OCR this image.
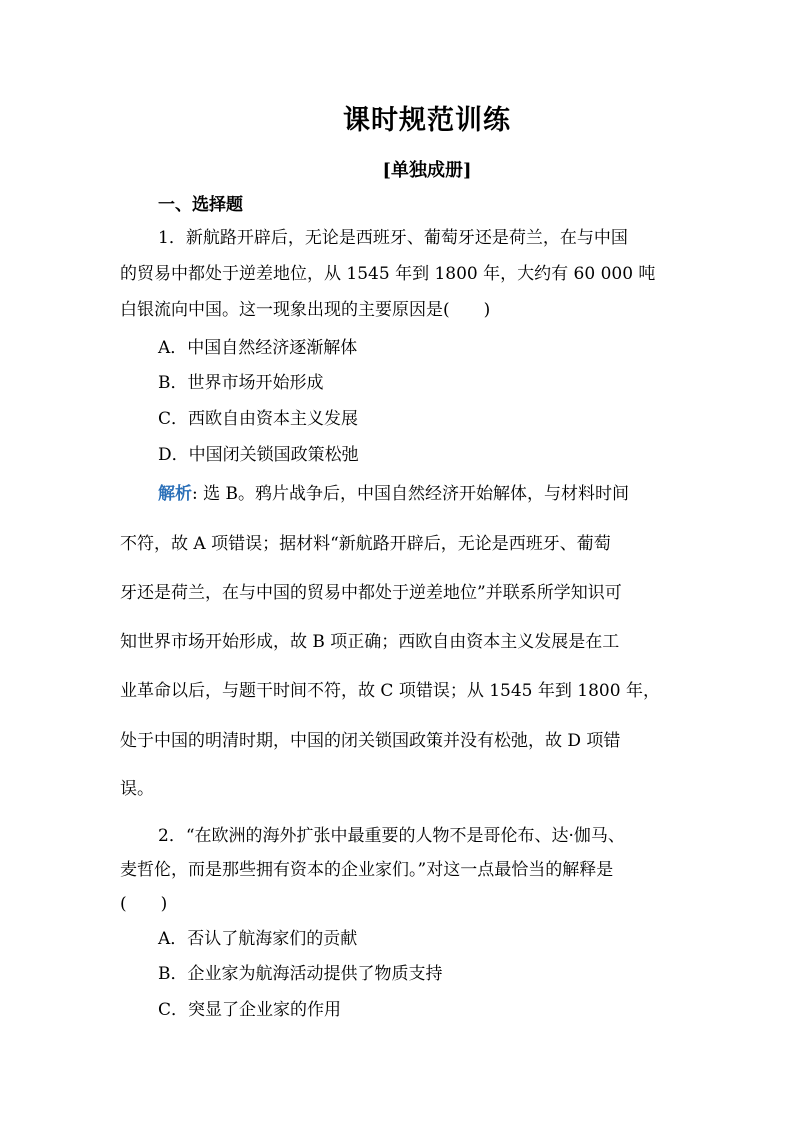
课时规范训练
[单独成册]
一、选择题
1．新航路开辟后，无论是西班牙、葡萄牙还是荷兰，在与中国
的贸易中都处于逆差地位，从 1545 年到 1800 年，大约有 60 000 吨
白银流向中国。这一现象出现的主要原因是(　　)
A．中国自然经济逐渐解体
B．世界市场开始形成
C．西欧自由资本主义发展
D．中国闭关锁国政策松弛
解析: 选 B。鸦片战争后，中国自然经济开始解体，与材料时间
不符，故 A 项错误；据材料“新航路开辟后，无论是西班牙、葡萄
牙还是荷兰，在与中国的贸易中都处于逆差地位”并联系所学知识可
知世界市场开始形成，故 B 项正确；西欧自由资本主义发展是在工
业革命以后，与题干时间不符，故 C 项错误；从 1545 年到 1800 年，
处于中国的明清时期，中国的闭关锁国政策并没有松弛，故 D 项错
误。
2．“在欧洲的海外扩张中最重要的人物不是哥伦布、达·伽马、
麦哲伦，而是那些拥有资本的企业家们。”对这一点最恰当的解释是
(　　)
A．否认了航海家们的贡献
B．企业家为航海活动提供了物质支持
C．突显了企业家的作用
